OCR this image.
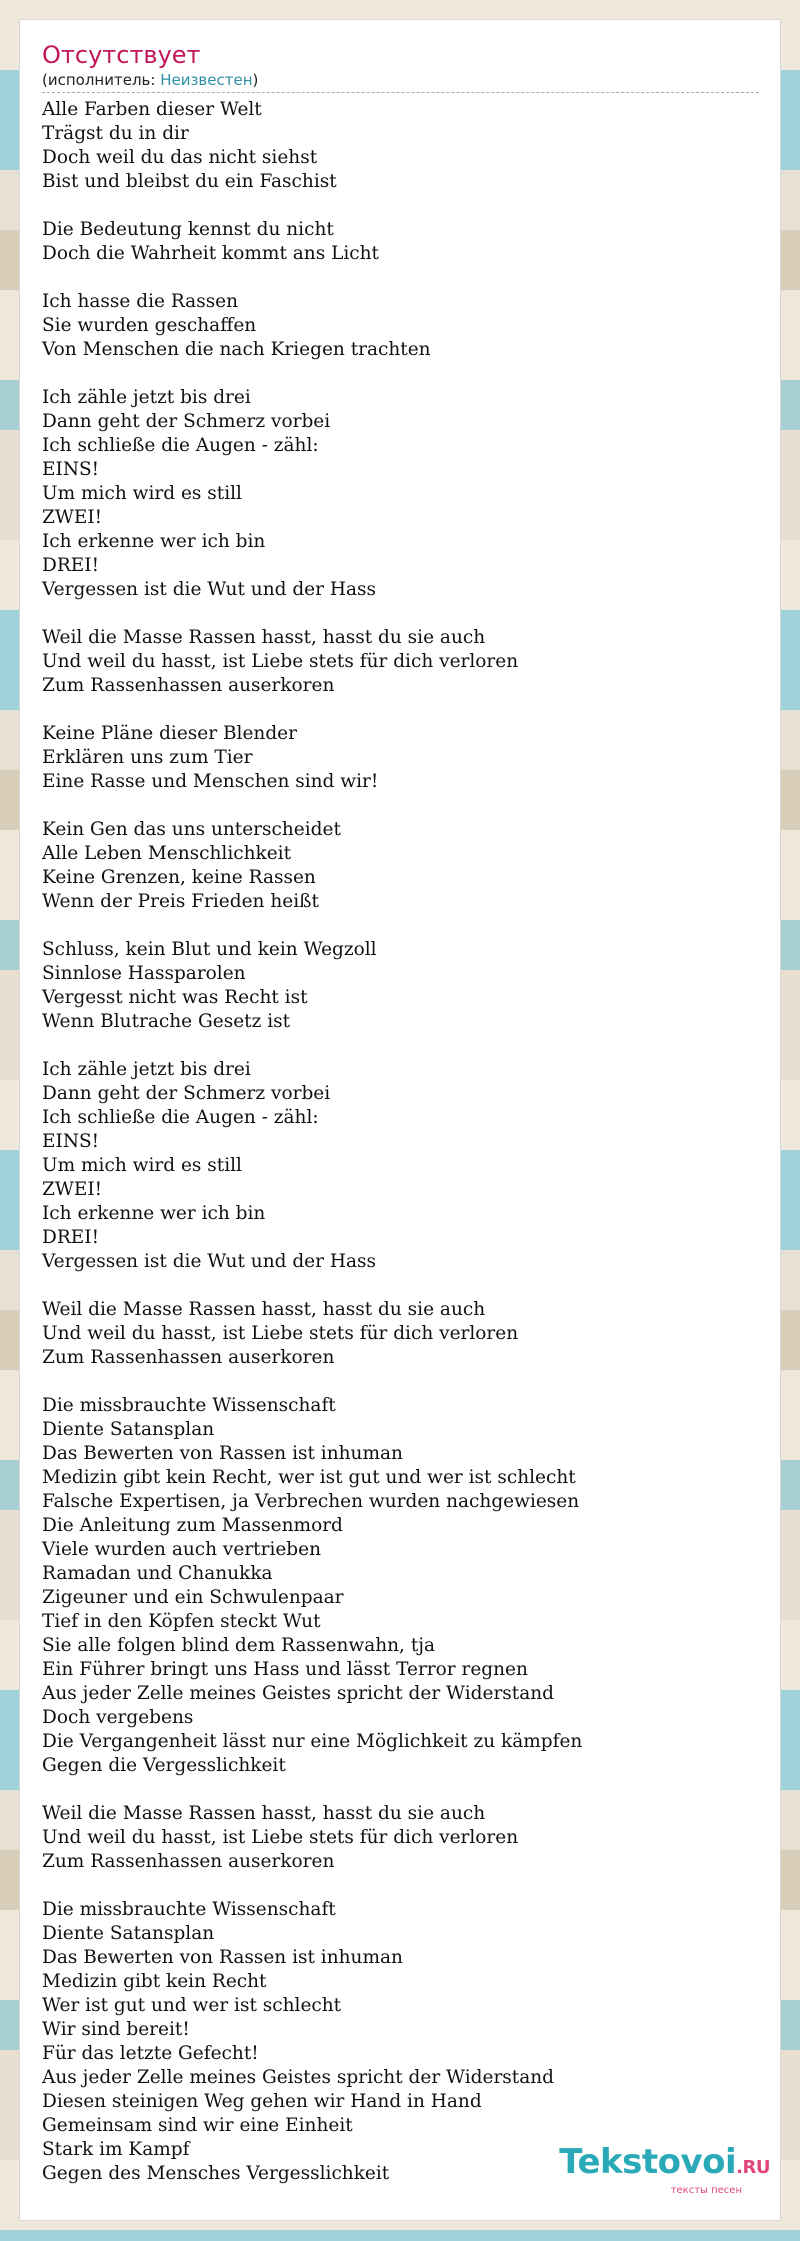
Отсутствует
(исполнитель: Неизвестен)
Alle Farben dieser Welt
Trägst du in dir
Doch weil du das nicht siehst
Bist und bleibst du ein Faschist
Die Bedeutung kennst du nicht
Doch die Wahrheit kommt ans Licht
Ich hasse die Rassen
Sie wurden geschaffen
Von Menschen die nach Kriegen trachten
Ich zähle jetzt bis drei
Dann geht der Schmerz vorbei
Ich schließe die Augen - zähl:
EINS!
Um mich wird es still
ZWEI!
Ich erkenne wer ich bin
DREI!
Vergessen ist die Wut und der Hass
Weil die Masse Rassen hasst, hasst du sie auch
Und weil du hasst, ist Liebe stets für dich verloren
Zum Rassenhassen auserkoren
Keine Pläne dieser Blender
Erklären uns zum Tier
Eine Rasse und Menschen sind wir!
Kein Gen das uns unterscheidet
Alle Leben Menschlichkeit
Keine Grenzen, keine Rassen
Wenn der Preis Frieden heißt
Schluss, kein Blut und kein Wegzoll
Sinnlose Hassparolen
Vergesst nicht was Recht ist
Wenn Blutrache Gesetz ist
Ich zähle jetzt bis drei
Dann geht der Schmerz vorbei
Ich schließe die Augen - zähl:
EINS!
Um mich wird es still
ZWEI!
Ich erkenne wer ich bin
DREI!
Vergessen ist die Wut und der Hass
Weil die Masse Rassen hasst, hasst du sie auch
Und weil du hasst, ist Liebe stets für dich verloren
Zum Rassenhassen auserkoren
Die missbrauchte Wissenschaft
Diente Satansplan
Das Bewerten von Rassen ist inhuman
Medizin gibt kein Recht, wer ist gut und wer ist schlecht
Falsche Expertisen, ja Verbrechen wurden nachgewiesen
Die Anleitung zum Massenmord
Viele wurden auch vertrieben
Ramadan und Chanukka
Zigeuner und ein Schwulenpaar
Tief in den Köpfen steckt Wut
Sie alle folgen blind dem Rassenwahn, tja
Ein Führer bringt uns Hass und lässt Terror regnen
Aus jeder Zelle meines Geistes spricht der Widerstand
Doch vergebens
Die Vergangenheit lässt nur eine Möglichkeit zu kämpfen
Gegen die Vergesslichkeit
Weil die Masse Rassen hasst, hasst du sie auch
Und weil du hasst, ist Liebe stets für dich verloren
Zum Rassenhassen auserkoren
Die missbrauchte Wissenschaft
Diente Satansplan
Das Bewerten von Rassen ist inhuman
Medizin gibt kein Recht
Wer ist gut und wer ist schlecht
Wir sind bereit!
Für das letzte Gefecht!
Aus jeder Zelle meines Geistes spricht der Widerstand
Diesen steinigen Weg gehen wir Hand in Hand
Gemeinsam sind wir eine Einheit
Stark im Kampf
Gegen des Mensches Vergesslichkeit	Tekstovoi.RU
тексты песен
